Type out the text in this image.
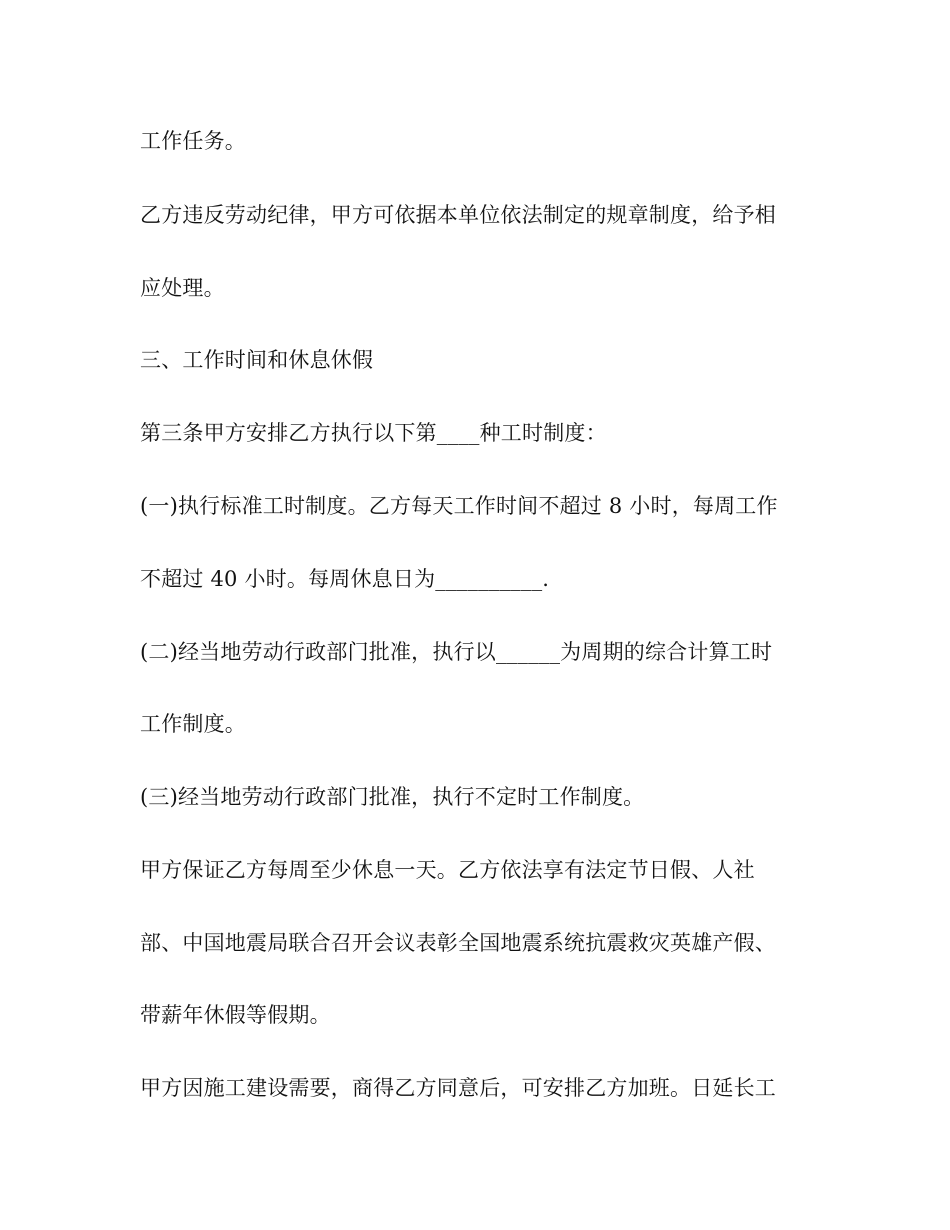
工作任务。
乙方违反劳动纪律，甲方可依据本单位依法制定的规章制度，给予相
应处理。
三、工作时间和休息休假
第三条甲方安排乙方执行以下第____种工时制度：
(一)执行标准工时制度。乙方每天工作时间不超过 8 小时，每周工作
不超过 40 小时。每周休息日为__________.
(二)经当地劳动行政部门批准，执行以______为周期的综合计算工时
工作制度。
(三)经当地劳动行政部门批准，执行不定时工作制度。
甲方保证乙方每周至少休息一天。乙方依法享有法定节日假、人社
部、中国地震局联合召开会议表彰全国地震系统抗震救灾英雄产假、
带薪年休假等假期。
甲方因施工建设需要，商得乙方同意后，可安排乙方加班。日延长工
